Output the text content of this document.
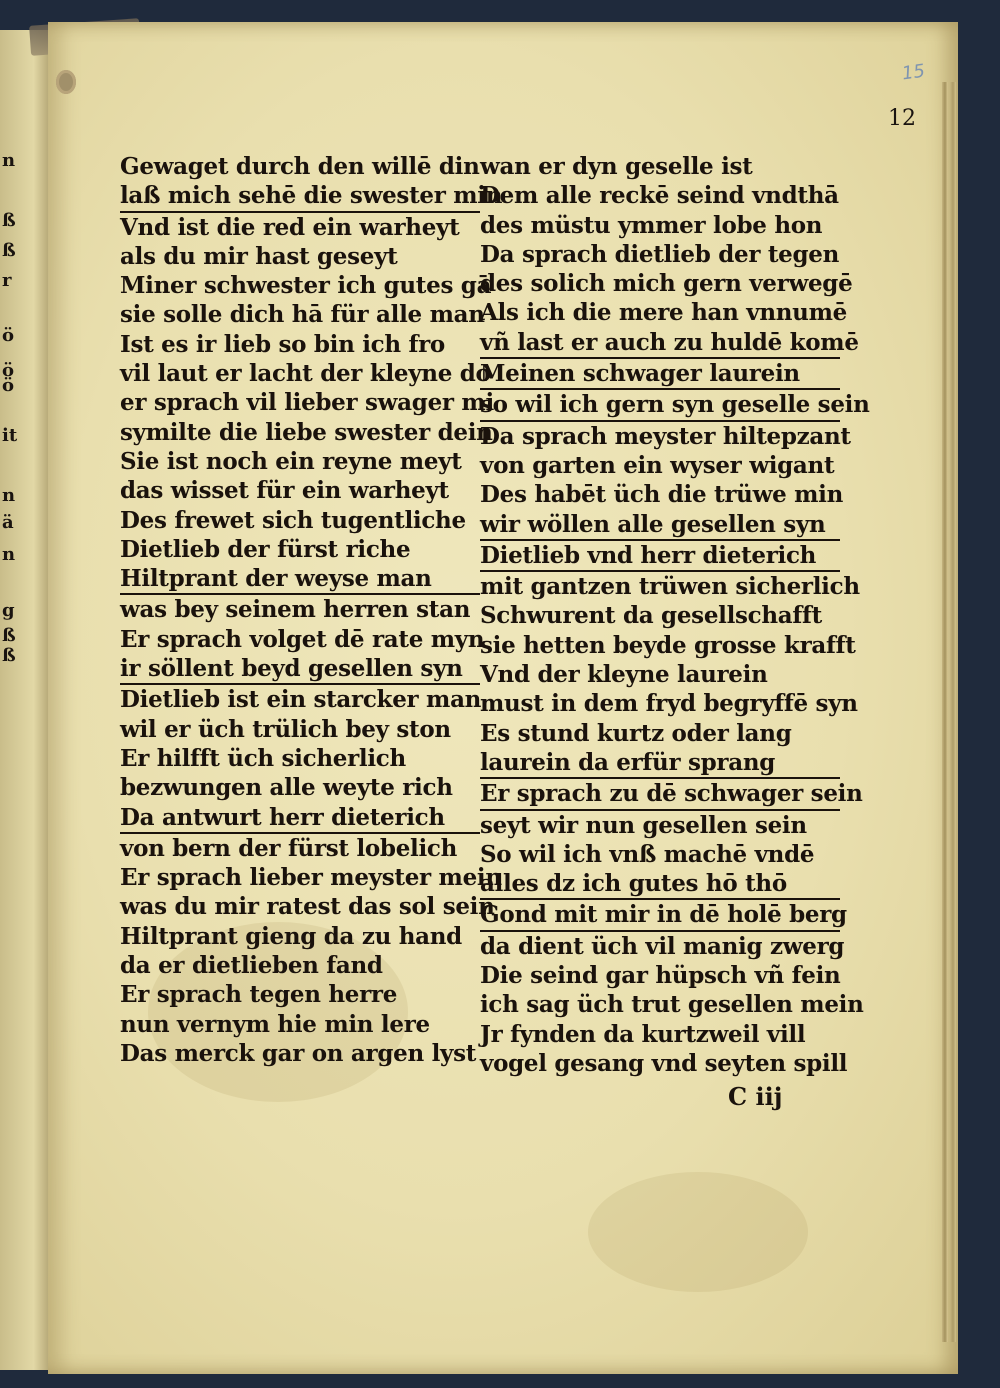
n
ß
ß
r
ö
ö
ö
it
n
ä
n
g
ß
ß
15
12
Gewaget durch den willē din
laß mich sehē die swester min
Vnd ist die red ein warheyt
als du mir hast geseyt
Miner schwester ich gutes gā
sie solle dich hā für alle man
Ist es ir lieb so bin ich fro
vil laut er lacht der kleyne do
er sprach vil lieber swager mi
symilte die liebe swester dein
Sie ist noch ein reyne meyt
das wisset für ein warheyt
Des frewet sich tugentliche
Dietlieb der fürst riche
Hiltprant der weyse man
was bey seinem herren stan
Er sprach volget dē rate myn
ir söllent beyd gesellen syn
Dietlieb ist ein starcker man
wil er üch trülich bey ston
Er hilfft üch sicherlich
bezwungen alle weyte rich
Da antwurt herr dieterich
von bern der fürst lobelich
Er sprach lieber meyster mein
was du mir ratest das sol sein
Hiltprant gieng da zu hand
da er dietlieben fand
Er sprach tegen herre
nun vernym hie min lere
Das merck gar on argen lyst
wan er dyn geselle ist
Dem alle reckē seind vndthā
des müstu ymmer lobe hon
Da sprach dietlieb der tegen
des solich mich gern verwegē
Als ich die mere han vnnumē
vñ last er auch zu huldē komē
Meinen schwager laurein
so wil ich gern syn geselle sein
Da sprach meyster hiltepzant
von garten ein wyser wigant
Des habēt üch die trüwe min
wir wöllen alle gesellen syn
Dietlieb vnd herr dieterich
mit gantzen trüwen sicherlich
Schwurent da gesellschafft
sie hetten beyde grosse krafft
Vnd der kleyne laurein
must in dem fryd begryffē syn
Es stund kurtz oder lang
laurein da erfür sprang
Er sprach zu dē schwager sein
seyt wir nun gesellen sein
So wil ich vnß machē vndē
alles dz ich gutes hō thō
Gond mit mir in dē holē berg
da dient üch vil manig zwerg
Die seind gar hüpsch vñ fein
ich sag üch trut gesellen mein
Jr fynden da kurtzweil vill
vogel gesang vnd seyten spill
C iij
